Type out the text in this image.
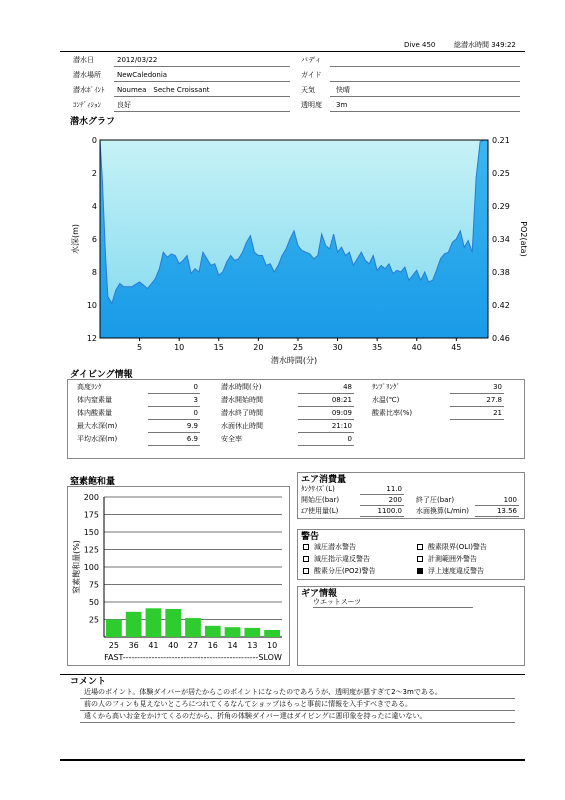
Dive 450	総潜水時間 349:22
潜水日	2012/03/22
潜水場所 NewCaledonia
潜水ﾎﾟｲﾝﾄ Noumea　Seche Croissant
ｺﾝﾃﾞｨｼｮﾝ 良好
バディ
ガイド
天気	快晴
透明度 3m
潜水グラフ
5	10	15	20	25	30	35	40	45
0
2
4
6
8
10
12
0.21
0.25
0.29
0.34
0.38
0.42
0.46
潜水時間(分)
水深(m)	PO2(ata)
ダイビング情報
窒素飽和量
25
50
75
100
125
150
175
200
25 36 41 40 27 16 14 13 10
窒素飽和量(%)
FAST-----------------------------------------------SLOW
エア消費量
ﾀﾝｸｻｲｽﾞ(L)	11.0
開始圧(bar)	200
ｴｱ使用量(L)	1100.0
終了圧(bar)	100
水面換算(L/min)	13.56
警告
ギア情報
ウエットスーツ
コメント
近場のポイント。体験ダイバーが居たからこのポイントになったのであろうが、透明度が悪すぎて2～3mである。
前の人のフィンも見えないところにつれてくるなんてショップはもっと事前に情報を入手すべきである。
遠くから高いお金をかけてくるのだから、折角の体験ダイバー達はダイビングに悪印象を持ったに違いない。
高度ﾗﾝｸ	0
体内窒素量	3
体内酸素量	0
最大水深(m)	9.9
平均水深(m)	6.9
潜水時間(分)	48
潜水開始時間	08:21
潜水終了時間	09:09
水面休止時間	21:10
安全率	0
ｻﾝﾌﾟﾘﾝｸﾞ	30
水温(℃)	27.8
酸素比率(%)	21
減圧潜水警告	酸素限界(OLI)警告
減圧指示違反警告	計測範囲外警告
酸素分圧(PO2)警告	浮上速度違反警告
